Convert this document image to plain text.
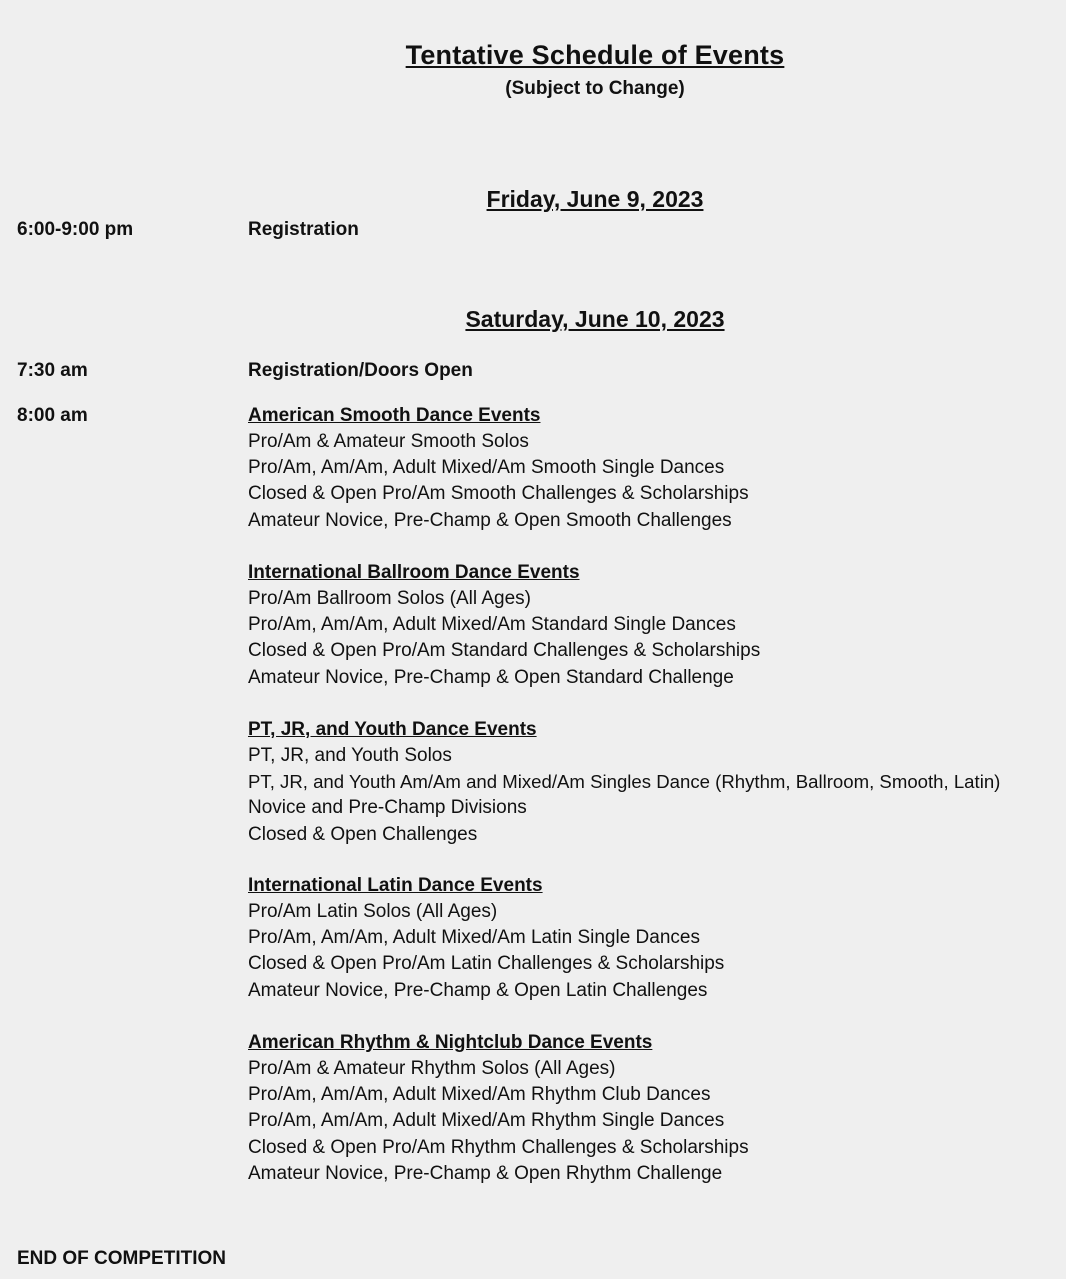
Tentative Schedule of Events
(Subject to Change)
Friday, June 9, 2023
6:00-9:00 pm	Registration
Saturday, June 10, 2023
7:30 am	Registration/Doors Open
8:00 am	American Smooth Dance Events
Pro/Am & Amateur Smooth Solos
Pro/Am, Am/Am, Adult Mixed/Am Smooth Single Dances
Closed & Open Pro/Am Smooth Challenges & Scholarships
Amateur Novice, Pre-Champ & Open Smooth Challenges
International Ballroom Dance Events
Pro/Am Ballroom Solos (All Ages)
Pro/Am, Am/Am, Adult Mixed/Am Standard Single Dances
Closed & Open Pro/Am Standard Challenges & Scholarships
Amateur Novice, Pre-Champ & Open Standard Challenge
PT, JR, and Youth Dance Events
PT, JR, and Youth Solos
PT, JR, and Youth Am/Am and Mixed/Am Singles Dance (Rhythm, Ballroom, Smooth, Latin)
Novice and Pre-Champ Divisions
Closed & Open Challenges
International Latin Dance Events
Pro/Am Latin Solos (All Ages)
Pro/Am, Am/Am, Adult Mixed/Am Latin Single Dances
Closed & Open Pro/Am Latin Challenges & Scholarships
Amateur Novice, Pre-Champ & Open Latin Challenges
American Rhythm & Nightclub Dance Events
Pro/Am & Amateur Rhythm Solos (All Ages)
Pro/Am, Am/Am, Adult Mixed/Am Rhythm Club Dances
Pro/Am, Am/Am, Adult Mixed/Am Rhythm Single Dances
Closed & Open Pro/Am Rhythm Challenges & Scholarships
Amateur Novice, Pre-Champ & Open Rhythm Challenge
END OF COMPETITION
